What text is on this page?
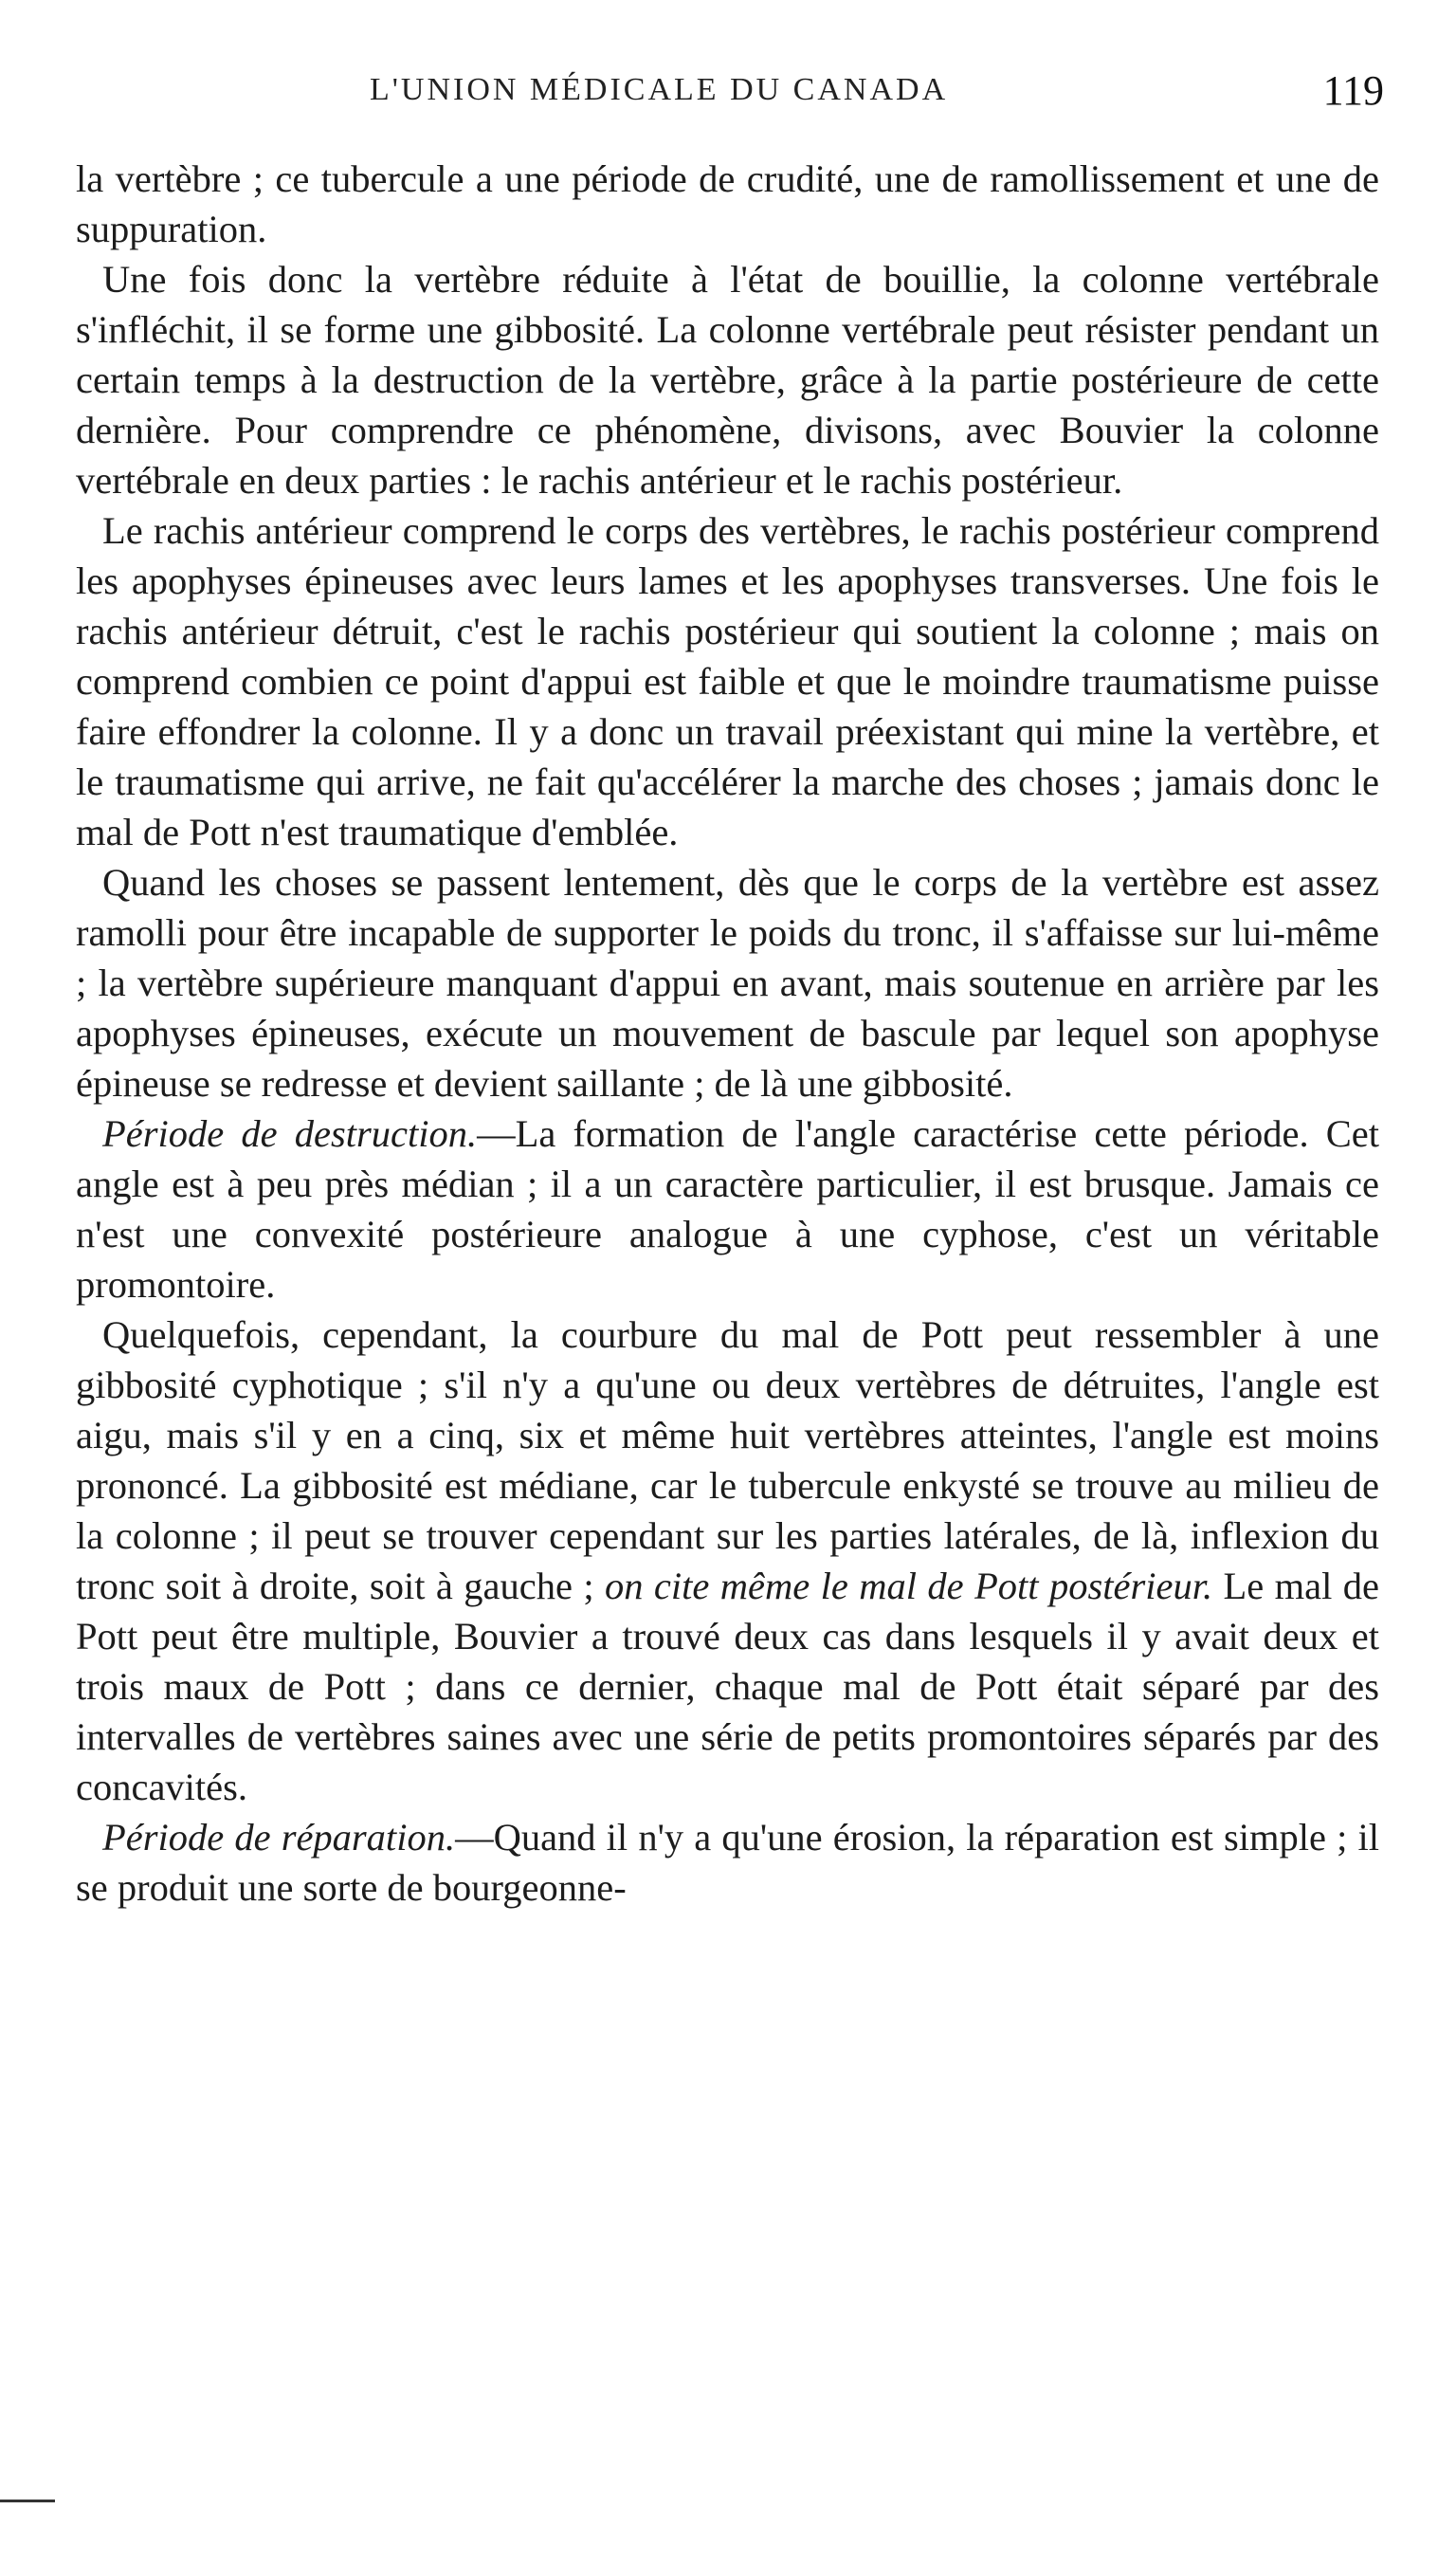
L'UNION MÉDICALE DU CANADA	119

la vertèbre ; ce tubercule a une période de crudité, une de ramollissement et une de suppuration.

Une fois donc la vertèbre réduite à l'état de bouillie, la colonne vertébrale s'infléchit, il se forme une gibbosité. La colonne vertébrale peut résister pendant un certain temps à la destruction de la vertèbre, grâce à la partie postérieure de cette dernière. Pour comprendre ce phénomène, divisons, avec Bouvier la colonne vertébrale en deux parties : le rachis antérieur et le rachis postérieur.

Le rachis antérieur comprend le corps des vertèbres, le rachis postérieur comprend les apophyses épineuses avec leurs lames et les apophyses transverses. Une fois le rachis antérieur détruit, c'est le rachis postérieur qui soutient la colonne ; mais on comprend combien ce point d'appui est faible et que le moindre traumatisme puisse faire effondrer la colonne. Il y a donc un travail préexistant qui mine la vertèbre, et le traumatisme qui arrive, ne fait qu'accélérer la marche des choses ; jamais donc le mal de Pott n'est traumatique d'emblée.

Quand les choses se passent lentement, dès que le corps de la vertèbre est assez ramolli pour être incapable de supporter le poids du tronc, il s'affaisse sur lui-même ; la vertèbre supérieure manquant d'appui en avant, mais soutenue en arrière par les apophyses épineuses, exécute un mouvement de bascule par lequel son apophyse épineuse se redresse et devient saillante ; de là une gibbosité.

Période de destruction.—La formation de l'angle caractérise cette période. Cet angle est à peu près médian ; il a un caractère particulier, il est brusque. Jamais ce n'est une convexité postérieure analogue à une cyphose, c'est un véritable promontoire.

Quelquefois, cependant, la courbure du mal de Pott peut ressembler à une gibbosité cyphotique ; s'il n'y a qu'une ou deux vertèbres de détruites, l'angle est aigu, mais s'il y en a cinq, six et même huit vertèbres atteintes, l'angle est moins prononcé. La gibbosité est médiane, car le tubercule enkysté se trouve au milieu de la colonne ; il peut se trouver cependant sur les parties latérales, de là, inflexion du tronc soit à droite, soit à gauche ; on cite même le mal de Pott postérieur. Le mal de Pott peut être multiple, Bouvier a trouvé deux cas dans lesquels il y avait deux et trois maux de Pott ; dans ce dernier, chaque mal de Pott était séparé par des intervalles de vertèbres saines avec une série de petits promontoires séparés par des concavités.

Période de réparation.—Quand il n'y a qu'une érosion, la réparation est simple ; il se produit une sorte de bourgeonne-
